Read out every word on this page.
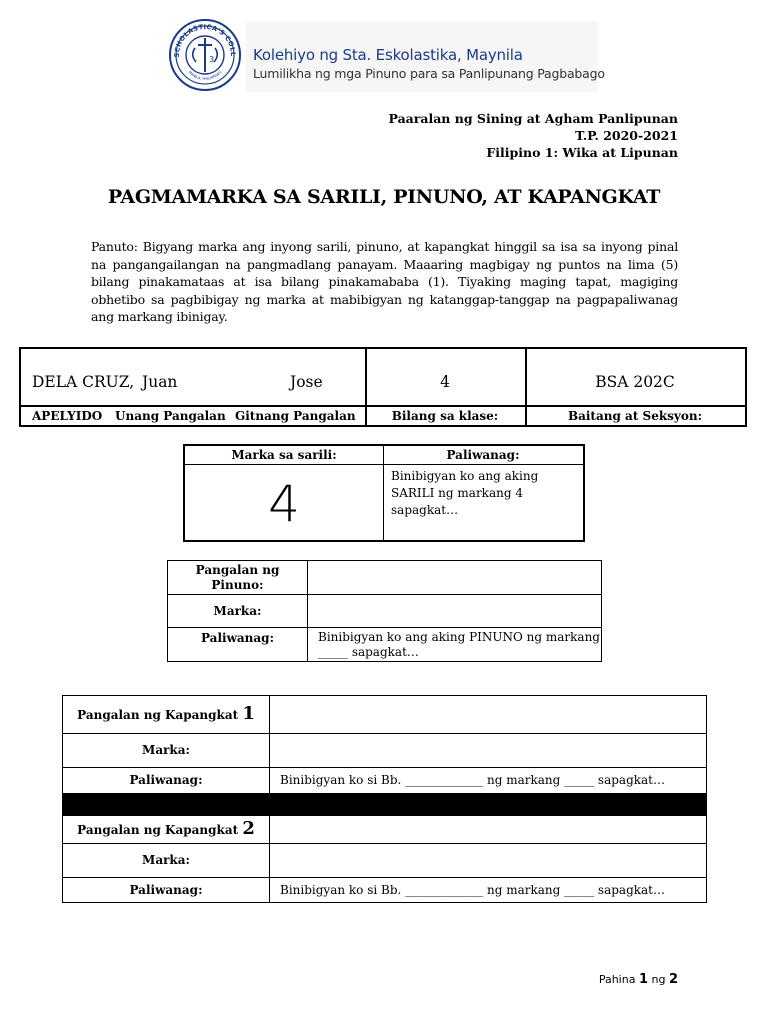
SCHOLASTICA'S COLL
MANILA, PHILIPPINES
3	Kolehiyo ng Sta. Eskolastika, Maynila
Lumilikha ng mga Pinuno para sa Panlipunang Pagbabago
Paaralan ng Sining at Agham Panlipunan
T.P. 2020-2021
Filipino 1: Wika at Lipunan
PAGMAMARKA SA SARILI, PINUNO, AT KAPANGKAT
Panuto: Bigyang marka ang inyong sarili, pinuno, at kapangkat hinggil sa isa sa inyong pinal na pangangailangan na pangmadlang panayam. Maaaring magbigay ng puntos na lima (5) bilang pinakamataas at isa bilang pinakamababa (1). Tiyaking maging tapat, magiging obhetibo sa pagbibigay ng marka at mabibigyan ng katanggap-tanggap na pagpapaliwanag ang markang ibinigay.
DELA CRUZ, Juan	Jose	4	BSA 202C
APELYIDO Unang Pangalan Gitnang Pangalan	Bilang sa klase:	Baitang at Seksyon:
Marka sa sarili:	Paliwanag:
4	Binibigyan ko ang aking SARILI ng markang 4 sapagkat…
Pangalan ng Pinuno:	
Marka:	
Paliwanag:	Binibigyan ko ang aking PINUNO ng markang _____ sapagkat…
Pangalan ng Kapangkat 1	
Marka:	
Paliwanag:	Binibigyan ko si Bb. _____________ ng markang _____ sapagkat…

Pangalan ng Kapangkat 2	
Marka:	
Paliwanag:	Binibigyan ko si Bb. _____________ ng markang _____ sapagkat…
Pahina 1 ng 2
